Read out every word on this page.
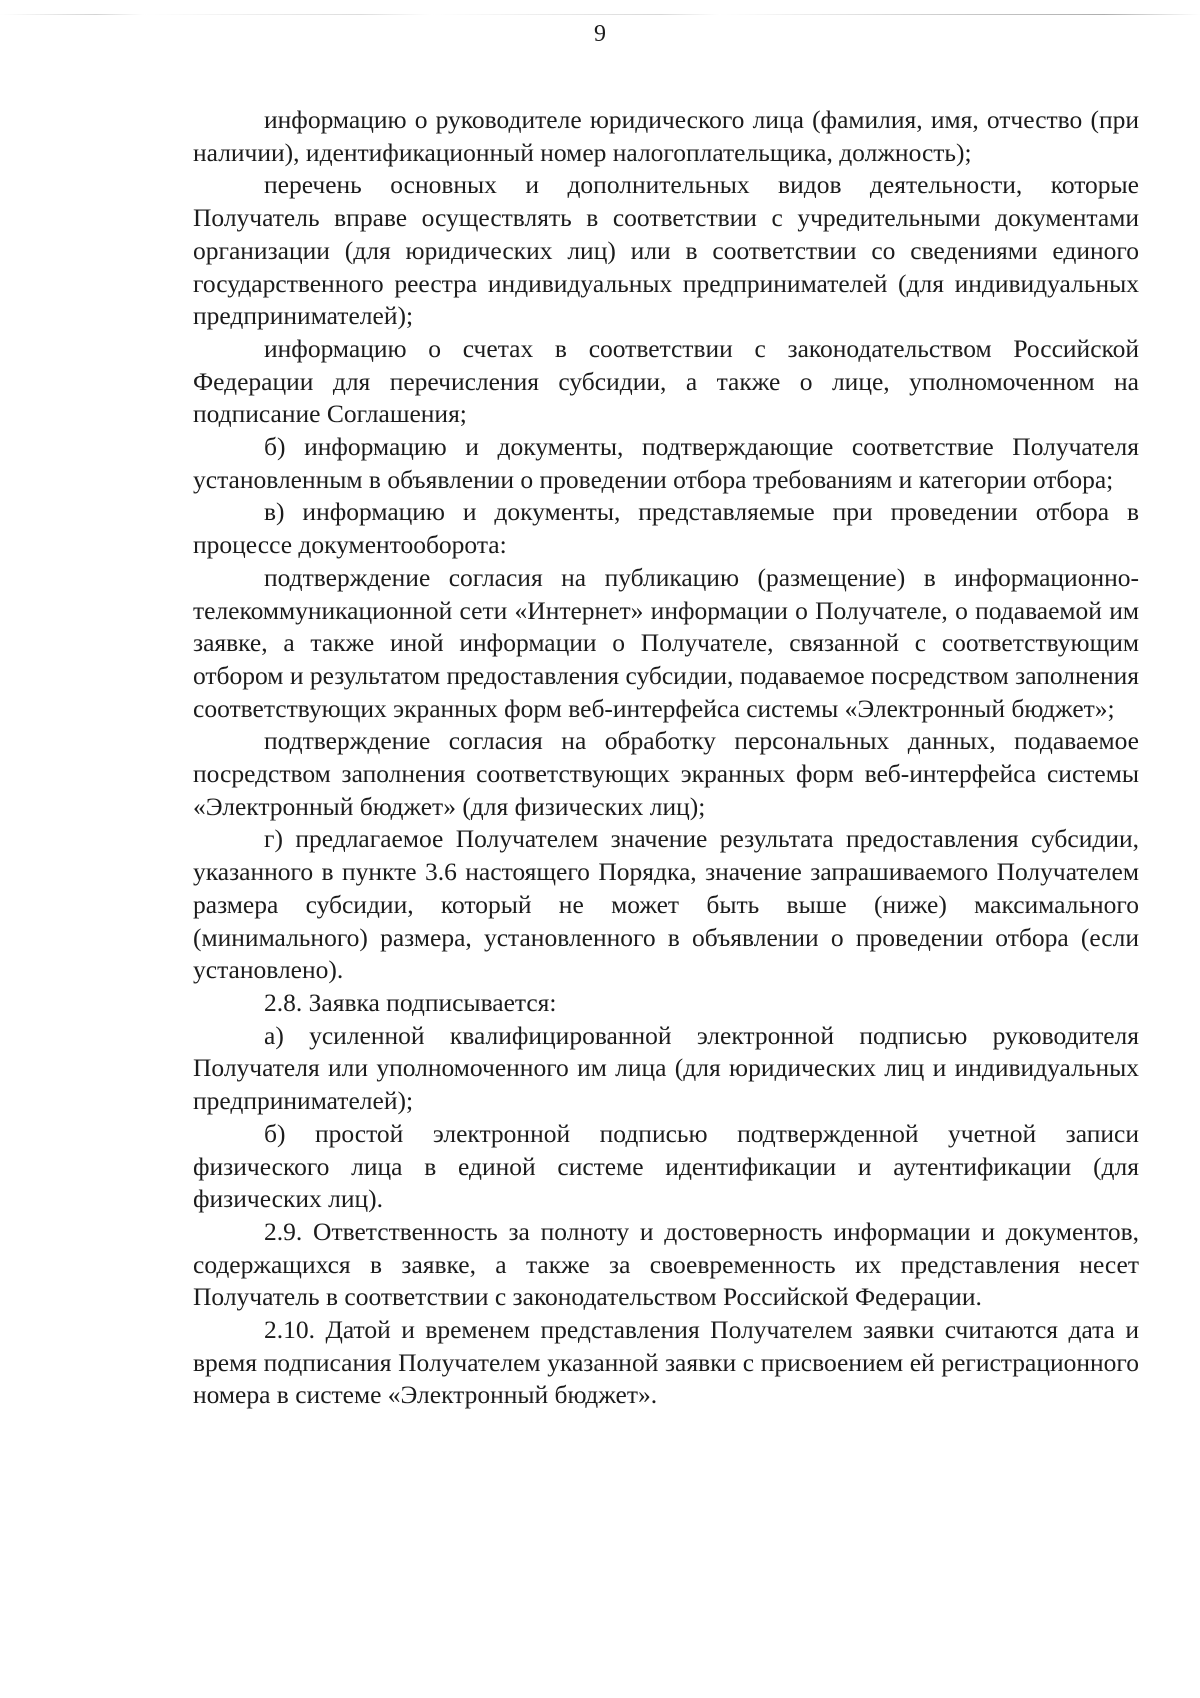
9

информацию о руководителе юридического лица (фамилия, имя, отчество (при наличии), идентификационный номер налогоплательщика, должность);

перечень основных и дополнительных видов деятельности, которые Получатель вправе осуществлять в соответствии с учредительными документами организации (для юридических лиц) или в соответствии со сведениями единого государственного реестра индивидуальных предпринимателей (для индивидуальных предпринимателей);

информацию о счетах в соответствии с законодательством Российской Федерации для перечисления субсидии, а также о лице, уполномоченном на подписание Соглашения;

б) информацию и документы, подтверждающие соответствие Получателя установленным в объявлении о проведении отбора требованиям и категории отбора;

в) информацию и документы, представляемые при проведении отбора в процессе документооборота:

подтверждение согласия на публикацию (размещение) в информационно-телекоммуникационной сети «Интернет» информации о Получателе, о подаваемой им заявке, а также иной информации о Получателе, связанной с соответствующим отбором и результатом предоставления субсидии, подаваемое посредством заполнения соответствующих экранных форм веб-интерфейса системы «Электронный бюджет»;

подтверждение согласия на обработку персональных данных, подаваемое посредством заполнения соответствующих экранных форм веб-интерфейса системы «Электронный бюджет» (для физических лиц);

г) предлагаемое Получателем значение результата предоставления субсидии, указанного в пункте 3.6 настоящего Порядка, значение запрашиваемого Получателем размера субсидии, который не может быть выше (ниже) максимального (минимального) размера, установленного в объявлении о проведении отбора (если установлено).

2.8. Заявка подписывается:

а) усиленной квалифицированной электронной подписью руководителя Получателя или уполномоченного им лица (для юридических лиц и индивидуальных предпринимателей);

б) простой электронной подписью подтвержденной учетной записи физического лица в единой системе идентификации и аутентификации (для физических лиц).

2.9. Ответственность за полноту и достоверность информации и документов, содержащихся в заявке, а также за своевременность их представления несет Получатель в соответствии с законодательством Российской Федерации.

2.10. Датой и временем представления Получателем заявки считаются дата и время подписания Получателем указанной заявки с присвоением ей регистрационного номера в системе «Электронный бюджет».
